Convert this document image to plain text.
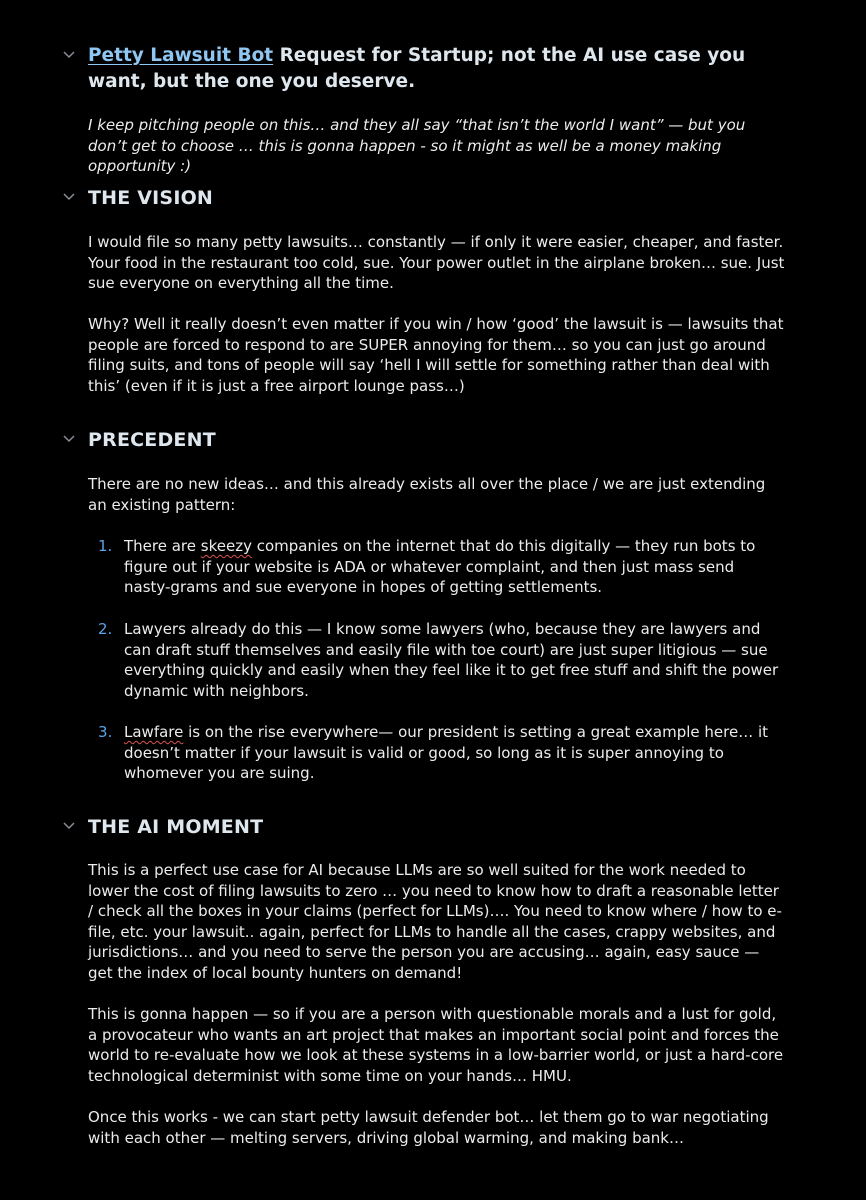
Petty Lawsuit Bot Request for Startup; not the AI use case you want, but the one you deserve.

I keep pitching people on this… and they all say “that isn’t the world I want” — but you don’t get to choose … this is gonna happen - so it might as well be a money making opportunity :)

THE VISION

I would file so many petty lawsuits… constantly — if only it were easier, cheaper, and faster. Your food in the restaurant too cold, sue. Your power outlet in the airplane broken… sue. Just sue everyone on everything all the time.

Why? Well it really doesn’t even matter if you win / how ‘good’ the lawsuit is — lawsuits that people are forced to respond to are SUPER annoying for them… so you can just go around filing suits, and tons of people will say ‘hell I will settle for something rather than deal with this’ (even if it is just a free airport lounge pass…)

PRECEDENT

There are no new ideas… and this already exists all over the place / we are just extending an existing pattern:

1. There are skeezy companies on the internet that do this digitally — they run bots to figure out if your website is ADA or whatever complaint, and then just mass send nasty-grams and sue everyone in hopes of getting settlements.

2. Lawyers already do this — I know some lawyers (who, because they are lawyers and can draft stuff themselves and easily file with toe court) are just super litigious — sue everything quickly and easily when they feel like it to get free stuff and shift the power dynamic with neighbors.

3. Lawfare is on the rise everywhere— our president is setting a great example here… it doesn’t matter if your lawsuit is valid or good, so long as it is super annoying to whomever you are suing.

THE AI MOMENT

This is a perfect use case for AI because LLMs are so well suited for the work needed to lower the cost of filing lawsuits to zero … you need to know how to draft a reasonable letter / check all the boxes in your claims (perfect for LLMs)…. You need to know where / how to e-file, etc. your lawsuit.. again, perfect for LLMs to handle all the cases, crappy websites, and jurisdictions… and you need to serve the person you are accusing… again, easy sauce — get the index of local bounty hunters on demand!

This is gonna happen — so if you are a person with questionable morals and a lust for gold, a provocateur who wants an art project that makes an important social point and forces the world to re-evaluate how we look at these systems in a low-barrier world, or just a hard-core technological determinist with some time on your hands… HMU.

Once this works - we can start petty lawsuit defender bot… let them go to war negotiating with each other — melting servers, driving global warming, and making bank…
